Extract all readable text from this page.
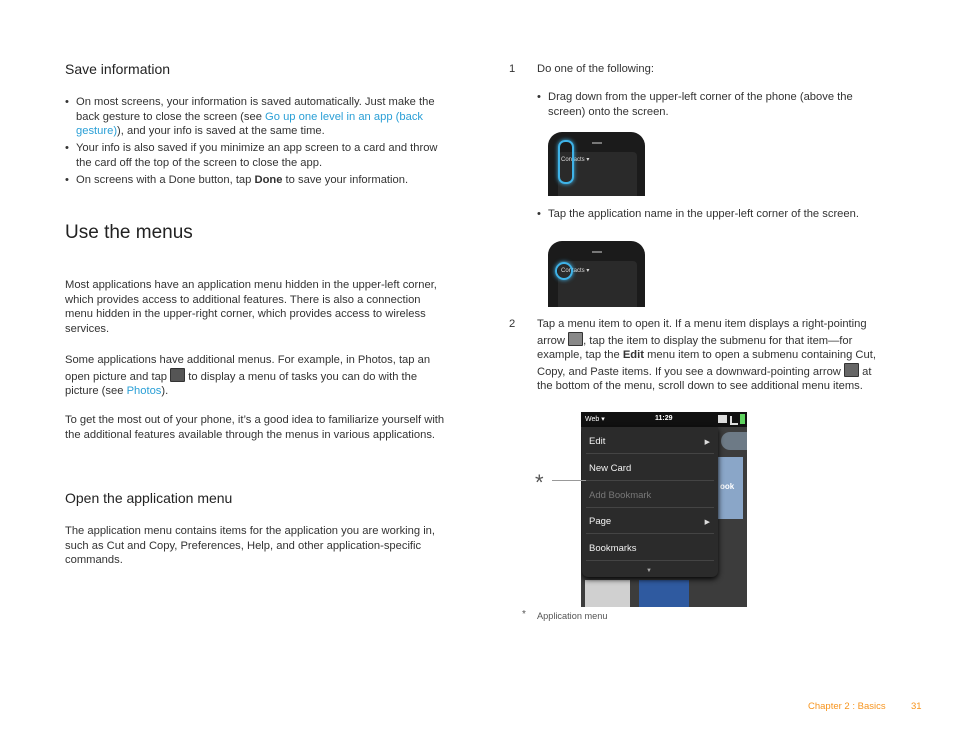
Save information
• On most screens, your information is saved automatically. Just make the back gesture to close the screen (see Go up one level in an app (back gesture)), and your info is saved at the same time.
• Your info is also saved if you minimize an app screen to a card and throw the card off the top of the screen to close the app.
• On screens with a Done button, tap Done to save your information.
Use the menus
Most applications have an application menu hidden in the upper-left corner, which provides access to additional features. There is also a connection menu hidden in the upper-right corner, which provides access to wireless services.
Some applications have additional menus. For example, in Photos, tap an open picture and tap  to display a menu of tasks you can do with the picture (see Photos).
To get the most out of your phone, it’s a good idea to familiarize yourself with the additional features available through the menus in various applications.
Open the application menu
The application menu contains items for the application you are working in, such as Cut and Copy, Preferences, Help, and other application-specific commands.
1 Do one of the following:
• Drag down from the upper-left corner of the phone (above the screen) onto the screen.
Contacts ▾
• Tap the application name in the upper-left corner of the screen.
Contacts ▾
2 Tap a menu item to open it. If a menu item displays a right-pointing arrow , tap the item to display the submenu for that item—for example, tap the Edit menu item to open a submenu containing Cut, Copy, and Paste items. If you see a downward-pointing arrow  at the bottom of the menu, scroll down to see additional menu items.
ook
Web ▾	11:29
Edit	▶
New Card
Add Bookmark
Page	▶
Bookmarks
▼
*
* Application menu
Chapter 2 : Basics	31
